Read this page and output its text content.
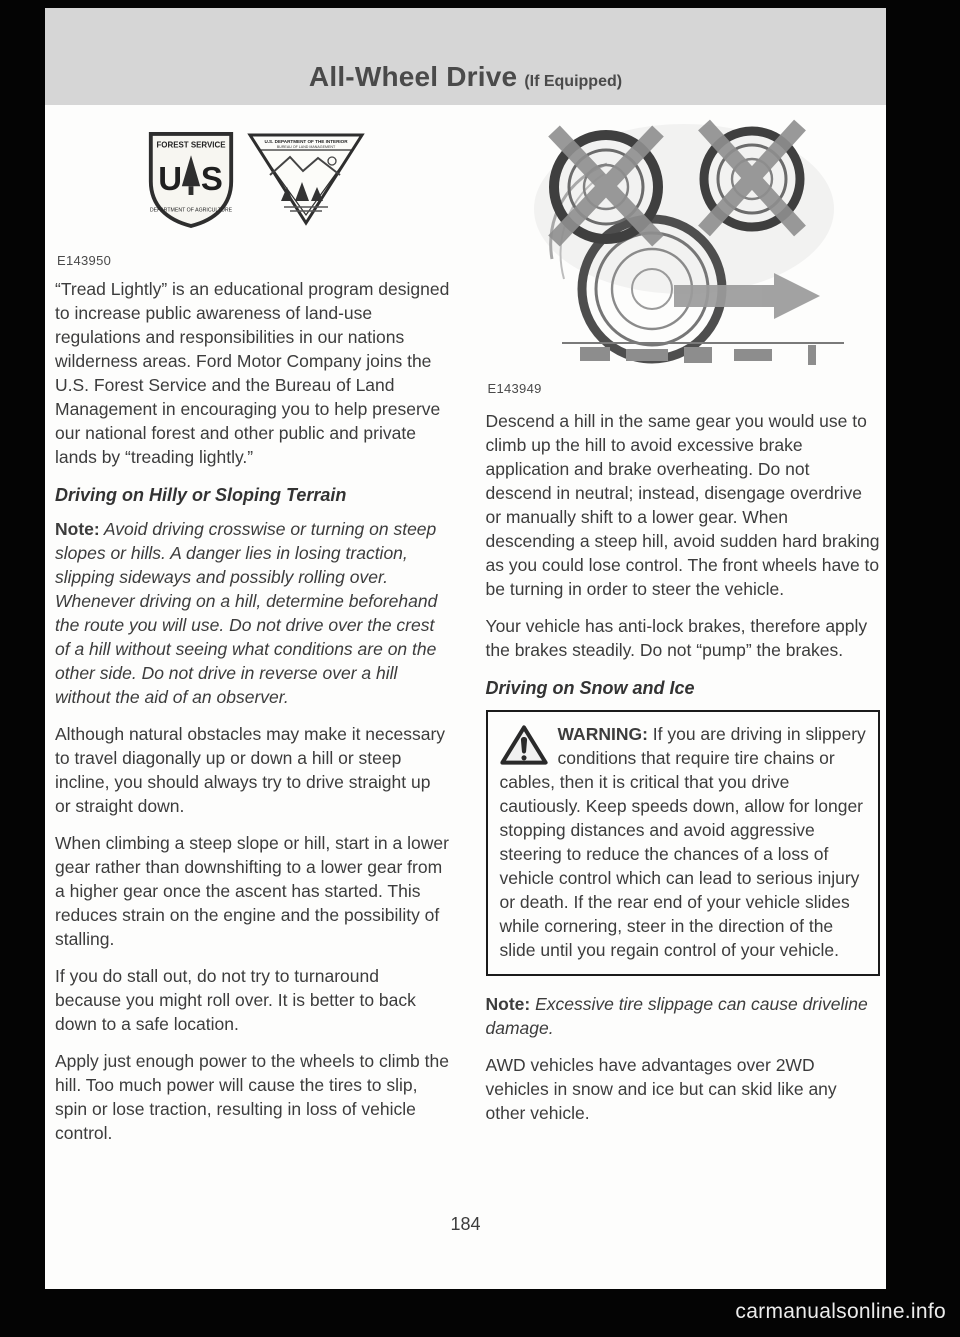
All-Wheel Drive (If Equipped)
FOREST SERVICE
U S
DEPARTMENT OF AGRICULTURE
U.S. DEPARTMENT OF THE INTERIOR
BUREAU OF LAND MANAGEMENT
E143950

“Tread Lightly” is an educational program designed to increase public awareness of land-use regulations and responsibilities in our nations wilderness areas. Ford Motor Company joins the U.S. Forest Service and the Bureau of Land Management in encouraging you to help preserve our national forest and other public and private lands by “treading lightly.”

Driving on Hilly or Sloping Terrain

Note: Avoid driving crosswise or turning on steep slopes or hills. A danger lies in losing traction, slipping sideways and possibly rolling over. Whenever driving on a hill, determine beforehand the route you will use. Do not drive over the crest of a hill without seeing what conditions are on the other side. Do not drive in reverse over a hill without the aid of an observer.

Although natural obstacles may make it necessary to travel diagonally up or down a hill or steep incline, you should always try to drive straight up or straight down.

When climbing a steep slope or hill, start in a lower gear rather than downshifting to a lower gear from a higher gear once the ascent has started. This reduces strain on the engine and the possibility of stalling.

If you do stall out, do not try to turnaround because you might roll over. It is better to back down to a safe location.

Apply just enough power to the wheels to climb the hill. Too much power will cause the tires to slip, spin or lose traction, resulting in loss of vehicle control.

E143949

Descend a hill in the same gear you would use to climb up the hill to avoid excessive brake application and brake overheating. Do not descend in neutral; instead, disengage overdrive or manually shift to a lower gear. When descending a steep hill, avoid sudden hard braking as you could lose control. The front wheels have to be turning in order to steer the vehicle.

Your vehicle has anti-lock brakes, therefore apply the brakes steadily. Do not “pump” the brakes.

Driving on Snow and Ice
WARNING: If you are driving in slippery conditions that require tire chains or cables, then it is critical that you drive cautiously. Keep speeds down, allow for longer stopping distances and avoid aggressive steering to reduce the chances of a loss of vehicle control which can lead to serious injury or death. If the rear end of your vehicle slides while cornering, steer in the direction of the slide until you regain control of your vehicle.

Note: Excessive tire slippage can cause driveline damage.

AWD vehicles have advantages over 2WD vehicles in snow and ice but can skid like any other vehicle.

184
carmanualsonline.info
